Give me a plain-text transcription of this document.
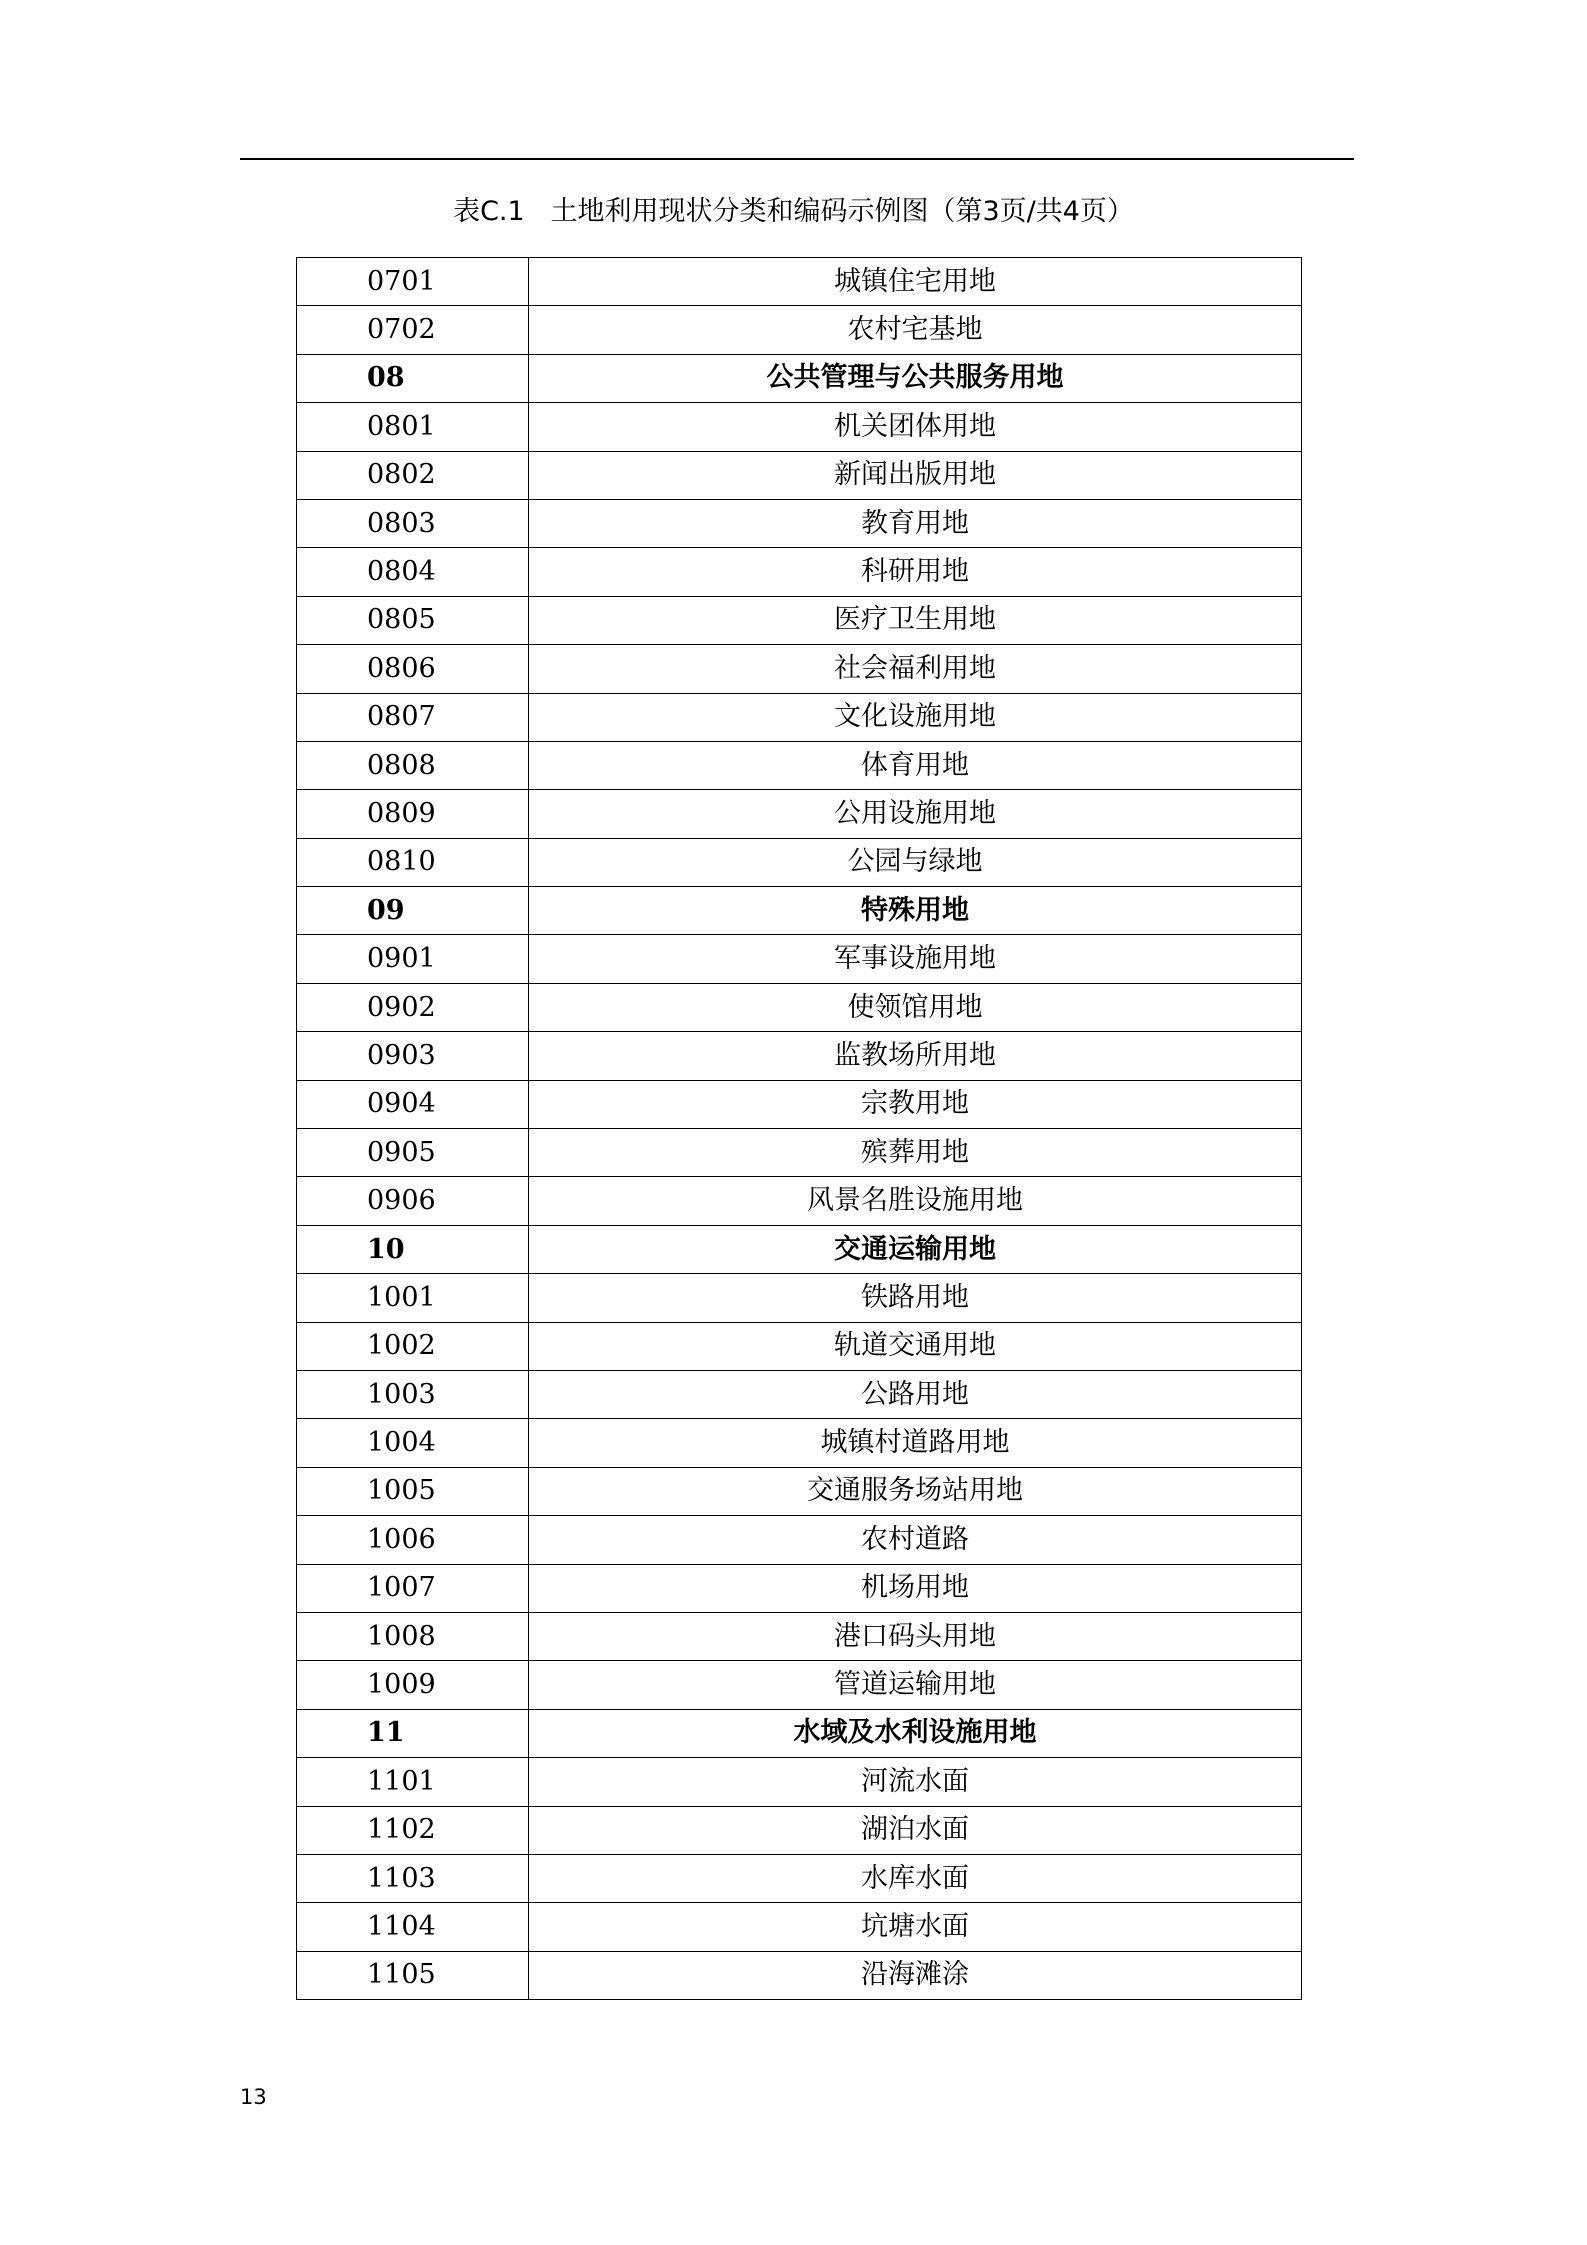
表C.1   土地利用现状分类和编码示例图（第3页/共4页）
0701	城镇住宅用地
0702	农村宅基地
08	公共管理与公共服务用地
0801	机关团体用地
0802	新闻出版用地
0803	教育用地
0804	科研用地
0805	医疗卫生用地
0806	社会福利用地
0807	文化设施用地
0808	体育用地
0809	公用设施用地
0810	公园与绿地
09	特殊用地
0901	军事设施用地
0902	使领馆用地
0903	监教场所用地
0904	宗教用地
0905	殡葬用地
0906	风景名胜设施用地
10	交通运输用地
1001	铁路用地
1002	轨道交通用地
1003	公路用地
1004	城镇村道路用地
1005	交通服务场站用地
1006	农村道路
1007	机场用地
1008	港口码头用地
1009	管道运输用地
11	水域及水利设施用地
1101	河流水面
1102	湖泊水面
1103	水库水面
1104	坑塘水面
1105	沿海滩涂
13
